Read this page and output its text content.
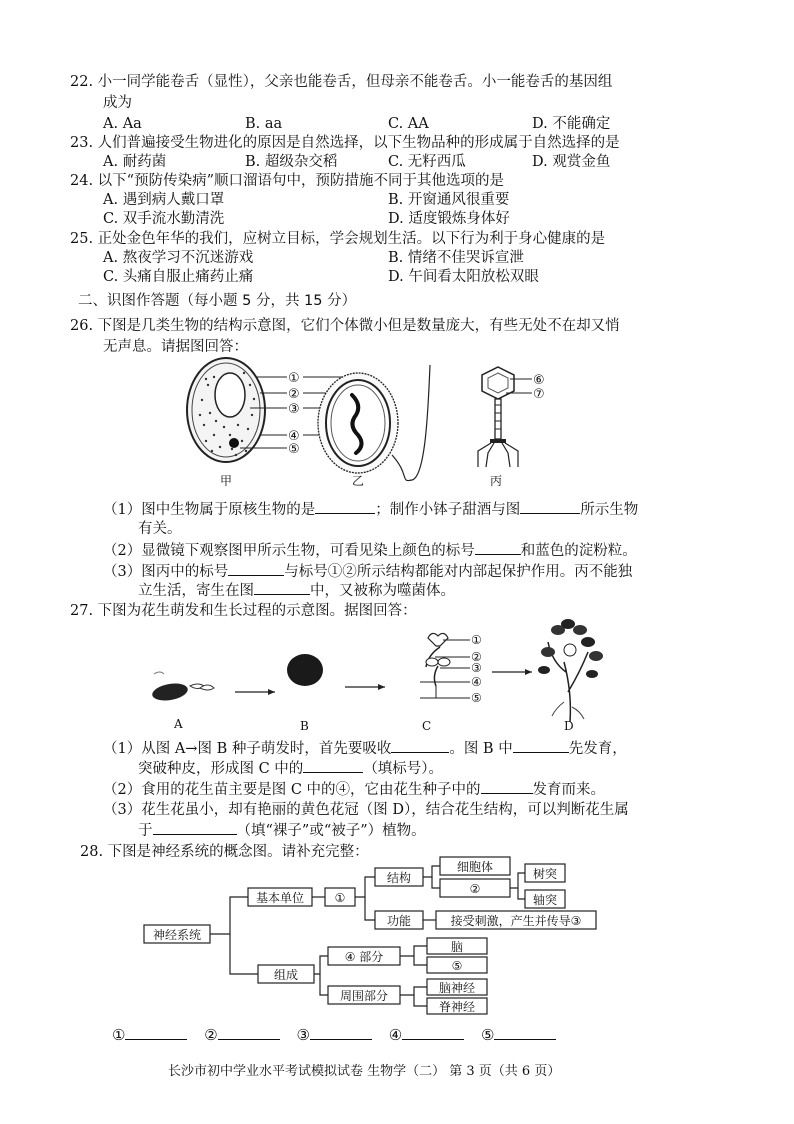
22. 小一同学能卷舌（显性），父亲也能卷舌，但母亲不能卷舌。小一能卷舌的基因组
成为
A. Aa	B. aa	C. AA	D. 不能确定
23. 人们普遍接受生物进化的原因是自然选择，以下生物品种的形成属于自然选择的是
A. 耐药菌	B. 超级杂交稻	C. 无籽西瓜	D. 观赏金鱼
24. 以下“预防传染病”顺口溜语句中，预防措施不同于其他选项的是
A. 遇到病人戴口罩	B. 开窗通风很重要
C. 双手流水勤清洗	D. 适度锻炼身体好
25. 正处金色年华的我们，应树立目标，学会规划生活。以下行为利于身心健康的是
A. 熬夜学习不沉迷游戏	B. 情绪不佳哭诉宣泄
C. 头痛自服止痛药止痛	D. 午间看太阳放松双眼
二、识图作答题（每小题 5 分，共 15 分）
26. 下图是几类生物的结构示意图，它们个体微小但是数量庞大，有些无处不在却又悄
无声息。请据图回答：
①
②
③
④
⑤
⑥
⑦
甲	乙	丙
（1）图中生物属于原核生物的是	；制作小钵子甜酒与图	所示生物
有关。
（2）显微镜下观察图甲所示生物，可看见染上颜色的标号	和蓝色的淀粉粒。
（3）图丙中的标号	与标号①②所示结构都能对内部起保护作用。丙不能独
立生活，寄生在图	中，又被称为噬菌体。
27. 下图为花生萌发和生长过程的示意图。据图回答：
①
②
③
④
⑤
A	B	C	D
（1）从图 A→图 B 种子萌发时，首先要吸收	。图 B 中	先发育，
突破种皮，形成图 C 中的	（填标号）。
（2）食用的花生苗主要是图 C 中的④，它由花生种子中的	发育而来。
（3）花生花虽小，却有艳丽的黄色花冠（图 D），结合花生结构，可以判断花生属
于	（填“裸子”或“被子”）植物。
28. 下图是神经系统的概念图。请补充完整：
神经系统
基本单位	①
结构
细胞体
②
树突
轴突
功能	接受刺激，产生并传导③
组成
④ 部分
脑
⑤
周围部分
脑神经
脊神经
①	②	③	④	⑤
长沙市初中学业水平考试模拟试卷 生物学（二） 第 3 页（共 6 页）
